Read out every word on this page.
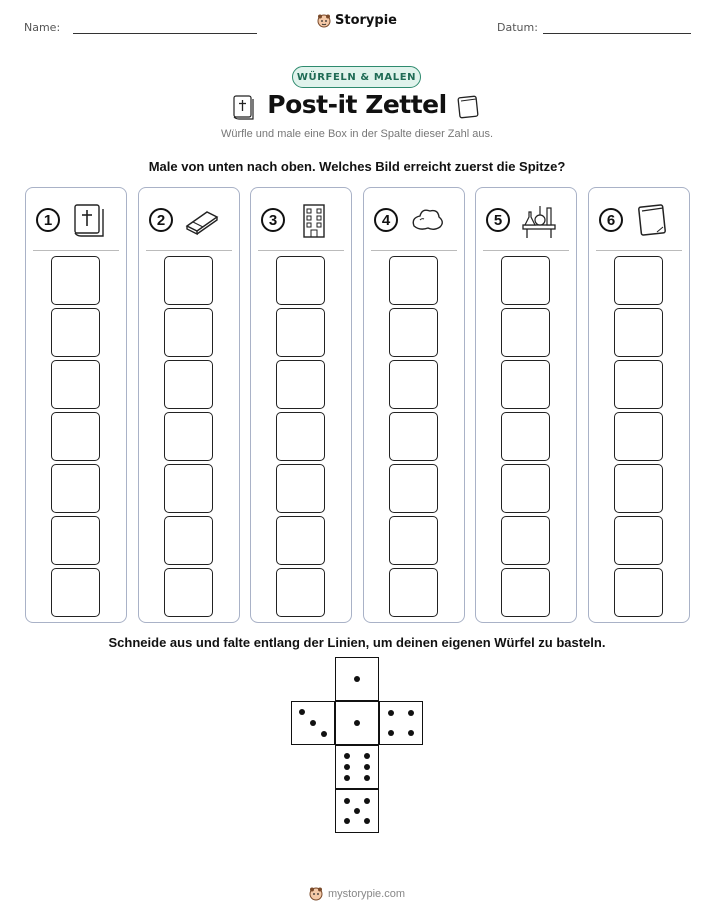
Name:	Datum:
Storypie
WÜRFELN & MALEN
Post-it Zettel
Würfle und male eine Box in der Spalte dieser Zahl aus.
Male von unten nach oben. Welches Bild erreicht zuerst die Spitze?
1	2	3	4	5	6
Schneide aus und falte entlang der Linien, um deinen eigenen Würfel zu basteln.
mystorypie.com
